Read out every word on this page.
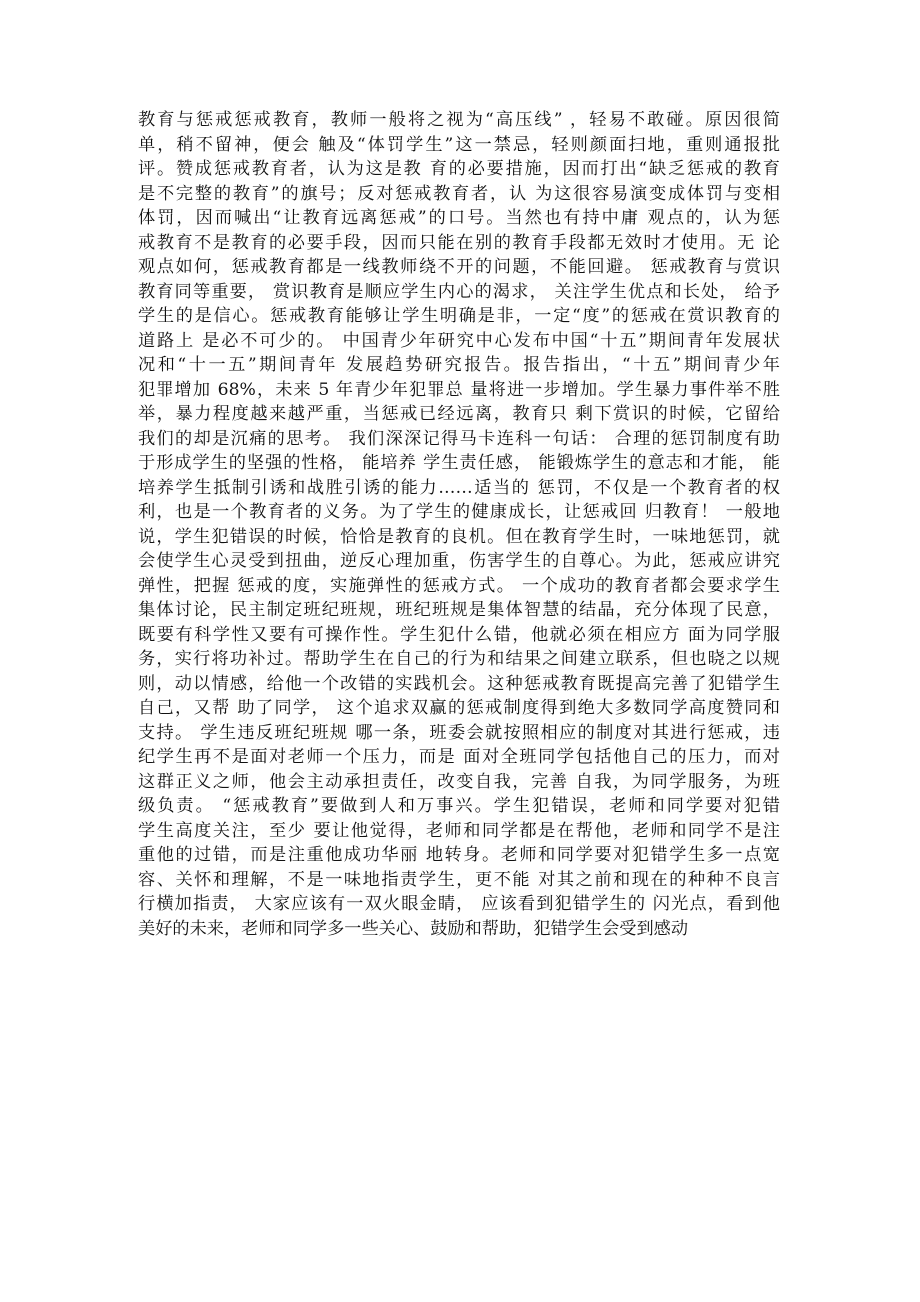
教育与惩戒惩戒教育，教师一般将之视为“高压线” ，轻易不敢碰。原因很简
单，稍不留神，便会 触及“体罚学生”这一禁忌，轻则颜面扫地，重则通报批
评。赞成惩戒教育者，认为这是教 育的必要措施，因而打出“缺乏惩戒的教育
是不完整的教育”的旗号；反对惩戒教育者，认 为这很容易演变成体罚与变相
体罚，因而喊出“让教育远离惩戒”的口号。当然也有持中庸 观点的，认为惩
戒教育不是教育的必要手段，因而只能在别的教育手段都无效时才使用。无 论
观点如何，惩戒教育都是一线教师绕不开的问题，不能回避。 惩戒教育与赏识
教育同等重要， 赏识教育是顺应学生内心的渴求， 关注学生优点和长处， 给予
学生的是信心。惩戒教育能够让学生明确是非，一定“度”的惩戒在赏识教育的
道路上 是必不可少的。 中国青少年研究中心发布中国“十五”期间青年发展状
况和“十一五”期间青年 发展趋势研究报告。报告指出，“十五”期间青少年
犯罪增加 68%，未来 5 年青少年犯罪总 量将进一步增加。学生暴力事件举不胜
举，暴力程度越来越严重，当惩戒已经远离，教育只 剩下赏识的时候，它留给
我们的却是沉痛的思考。 我们深深记得马卡连科一句话： 合理的惩罚制度有助
于形成学生的坚强的性格， 能培养 学生责任感， 能锻炼学生的意志和才能， 能
培养学生抵制引诱和战胜引诱的能力……适当的 惩罚，不仅是一个教育者的权
利，也是一个教育者的义务。为了学生的健康成长，让惩戒回 归教育！ 一般地
说，学生犯错误的时候，恰恰是教育的良机。但在教育学生时，一味地惩罚，就
会使学生心灵受到扭曲，逆反心理加重，伤害学生的自尊心。为此，惩戒应讲究
弹性，把握 惩戒的度，实施弹性的惩戒方式。 一个成功的教育者都会要求学生
集体讨论，民主制定班纪班规，班纪班规是集体智慧的结晶，充分体现了民意，
既要有科学性又要有可操作性。学生犯什么错，他就必须在相应方 面为同学服
务，实行将功补过。帮助学生在自己的行为和结果之间建立联系，但也晓之以规
则，动以情感，给他一个改错的实践机会。这种惩戒教育既提高完善了犯错学生
自己，又帮 助了同学， 这个追求双赢的惩戒制度得到绝大多数同学高度赞同和
支持。 学生违反班纪班规 哪一条，班委会就按照相应的制度对其进行惩戒，违
纪学生再不是面对老师一个压力，而是 面对全班同学包括他自己的压力，而对
这群正义之师，他会主动承担责任，改变自我，完善 自我，为同学服务，为班
级负责。 “惩戒教育”要做到人和万事兴。学生犯错误，老师和同学要对犯错
学生高度关注，至少 要让他觉得，老师和同学都是在帮他，老师和同学不是注
重他的过错，而是注重他成功华丽 地转身。老师和同学要对犯错学生多一点宽
容、关怀和理解，不是一味地指责学生，更不能 对其之前和现在的种种不良言
行横加指责， 大家应该有一双火眼金睛， 应该看到犯错学生的 闪光点，看到他
美好的未来，老师和同学多一些关心、鼓励和帮助，犯错学生会受到感动
